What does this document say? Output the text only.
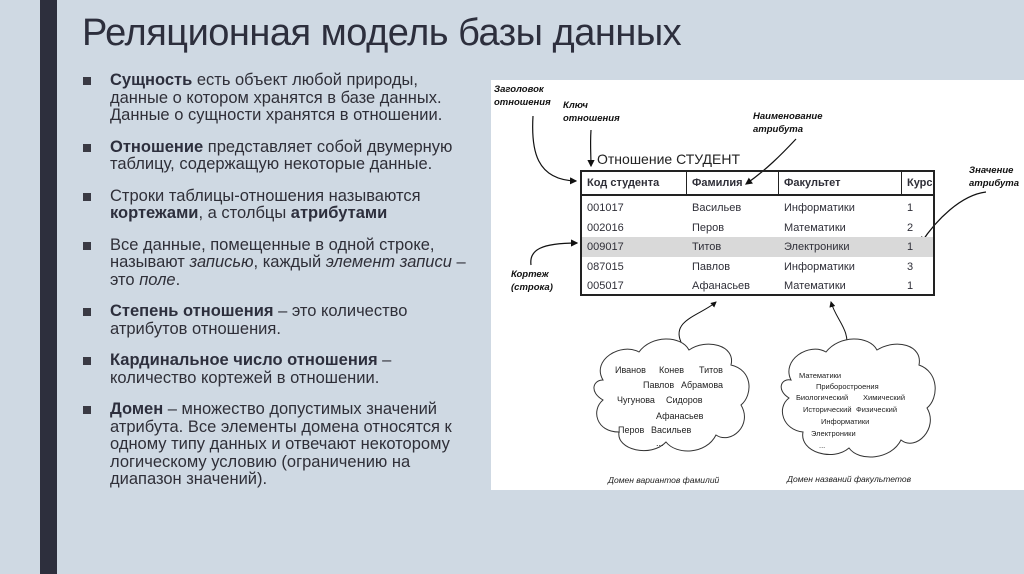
Реляционная модель базы данных
Сущность есть объект любой природы, данные о котором хранятся в базе данных. Данные о сущности хранятся в отношении.
Отношение представляет собой двумерную таблицу, содержащую некоторые данные.
Строки таблицы-отношения называются кортежами, а столбцы атрибутами
Все данные, помещенные в одной строке, называют записью, каждый элемент записи – это поле.
Степень отношения – это количество атрибутов отношения.
Кардинальное число отношения – количество кортежей в отношении.
Домен – множество допустимых значений атрибута. Все элементы домена относятся к одному типу данных и отвечают некоторому логическому условию (ограничению на диапазон значений).
Заголовок
отношения Ключ
отношения	Наименование
атрибута
Значение
атрибута
Кортеж
(строка)
Отношение СТУДЕНТ
Код студента	Фамилия	Факультет	Курс
001017	Васильев	Информатики	1
002016	Перов	Математики	2
009017	Титов	Электроники	1
087015	Павлов	Информатики	3
005017	Афанасьев	Математики	1
Иванов Конев Титов
Павлов Абрамова
Чугунова Сидоров
Афанасьев
Перов Васильев
...
Математики
Приборостроения
Биологический Химический
Исторический Физический
Информатики
Электроники
...
Домен вариантов фамилий	Домен названий факультетов
